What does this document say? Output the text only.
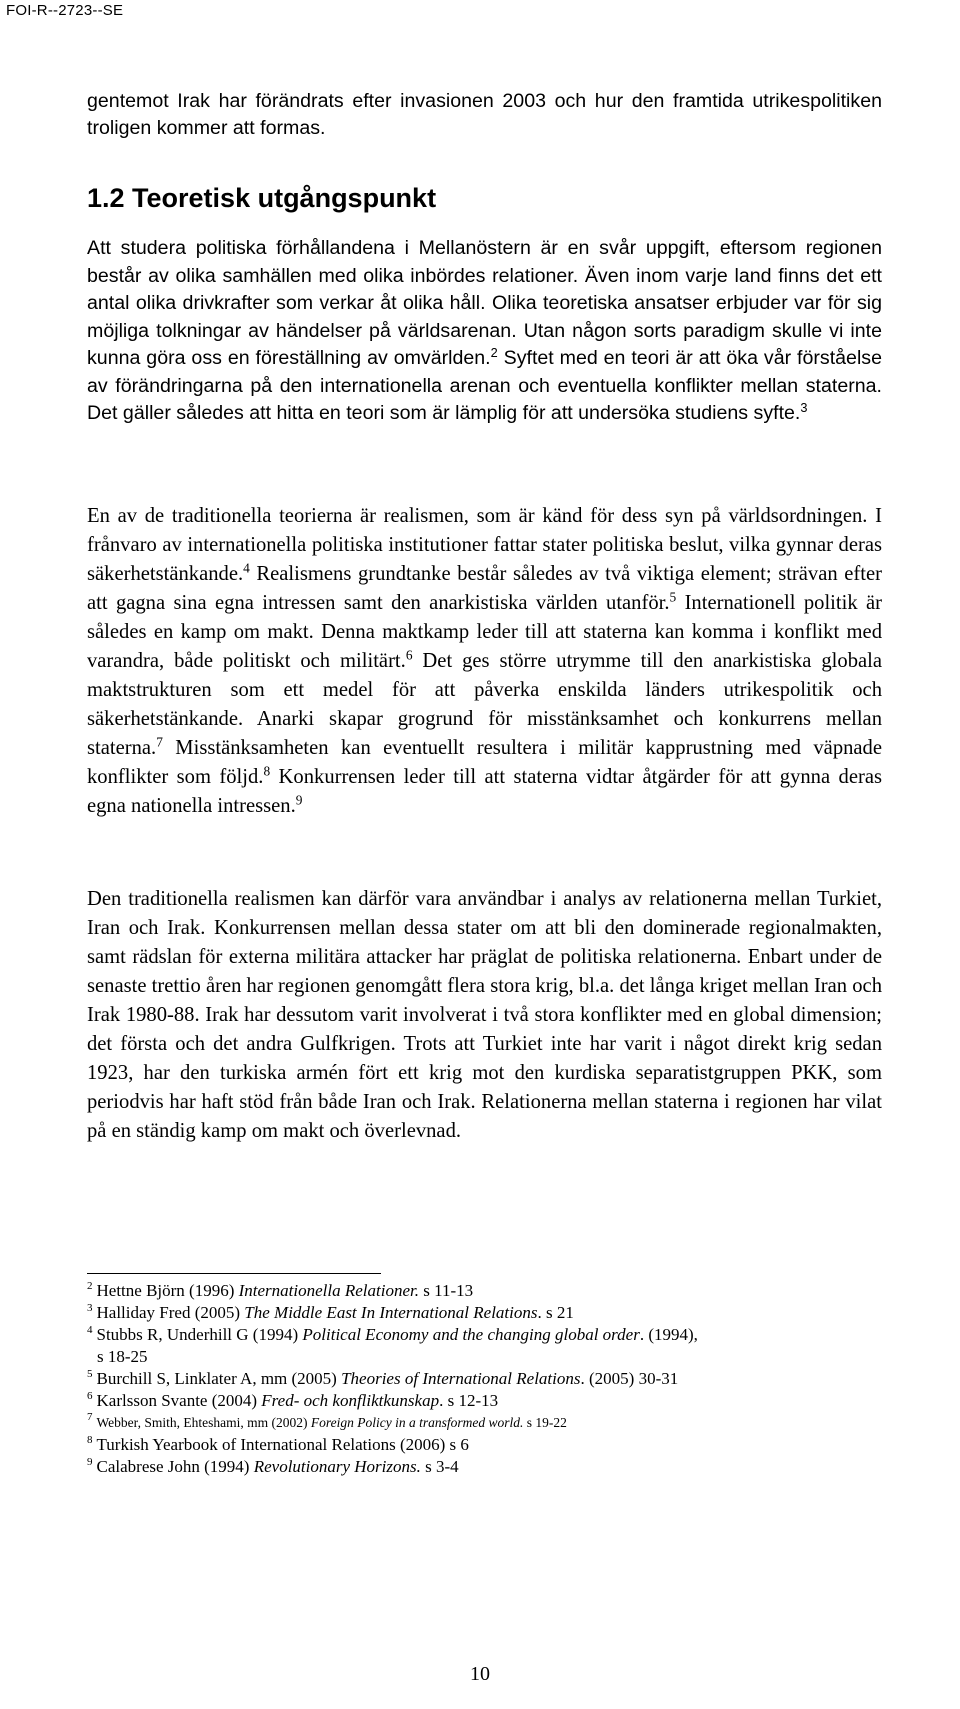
FOI-R--2723--SE

gentemot Irak har förändrats efter invasionen 2003 och hur den framtida utrikespolitiken troligen kommer att formas.

1.2 Teoretisk utgångspunkt

Att studera politiska förhållandena i Mellanöstern är en svår uppgift, eftersom regionen består av olika samhällen med olika inbördes relationer. Även inom varje land finns det ett antal olika drivkrafter som verkar åt olika håll. Olika teoretiska ansatser erbjuder var för sig möjliga tolkningar av händelser på världsarenan. Utan någon sorts paradigm skulle vi inte kunna göra oss en föreställning av omvärlden.$^2$ Syftet med en teori är att öka vår förståelse av förändringarna på den internationella arenan och eventuella konflikter mellan staterna. Det gäller således att hitta en teori som är lämplig för att undersöka studiens syfte.$^3$

En av de traditionella teorierna är realismen, som är känd för dess syn på världsordningen. I frånvaro av internationella politiska institutioner fattar stater politiska beslut, vilka gynnar deras säkerhetstänkande.$^4$ Realismens grundtanke består således av två viktiga element; strävan efter att gagna sina egna intressen samt den anarkistiska världen utanför.$^5$ Internationell politik är således en kamp om makt. Denna maktkamp leder till att staterna kan komma i konflikt med varandra, både politiskt och militärt.$^6$ Det ges större utrymme till den anarkistiska globala maktstrukturen som ett medel för att påverka enskilda länders utrikespolitik och säkerhetstänkande. Anarki skapar grogrund för misstänksamhet och konkurrens mellan staterna.$^7$ Misstänksamheten kan eventuellt resultera i militär kapprustning med väpnade konflikter som följd.$^8$ Konkurrensen leder till att staterna vidtar åtgärder för att gynna deras egna nationella intressen.$^9$

Den traditionella realismen kan därför vara användbar i analys av relationerna mellan Turkiet, Iran och Irak. Konkurrensen mellan dessa stater om att bli den dominerade regionalmakten, samt rädslan för externa militära attacker har präglat de politiska relationerna. Enbart under de senaste trettio åren har regionen genomgått flera stora krig, bl.a. det långa kriget mellan Iran och Irak 1980-88. Irak har dessutom varit involverat i två stora konflikter med en global dimension; det första och det andra Gulfkrigen. Trots att Turkiet inte har varit i något direkt krig sedan 1923, har den turkiska armén fört ett krig mot den kurdiska separatistgruppen PKK, som periodvis har haft stöd från både Iran och Irak. Relationerna mellan staterna i regionen har vilat på en ständig kamp om makt och överlevnad.

$^2$ Hettne Björn (1996) Internationella Relationer. s 11-13
$^3$ Halliday Fred (2005) The Middle East In International Relations. s 21
$^4$ Stubbs R, Underhill G (1994) Political Economy and the changing global order. (1994),
s 18-25
$^5$ Burchill S, Linklater A, mm (2005) Theories of International Relations. (2005) 30-31
$^6$ Karlsson Svante (2004) Fred- och konfliktkunskap. s 12-13
$^7$ Webber, Smith, Ehteshami, mm (2002) Foreign Policy in a transformed world. s 19-22
$^8$ Turkish Yearbook of International Relations (2006) s 6
$^9$ Calabrese John (1994) Revolutionary Horizons. s 3-4
10
